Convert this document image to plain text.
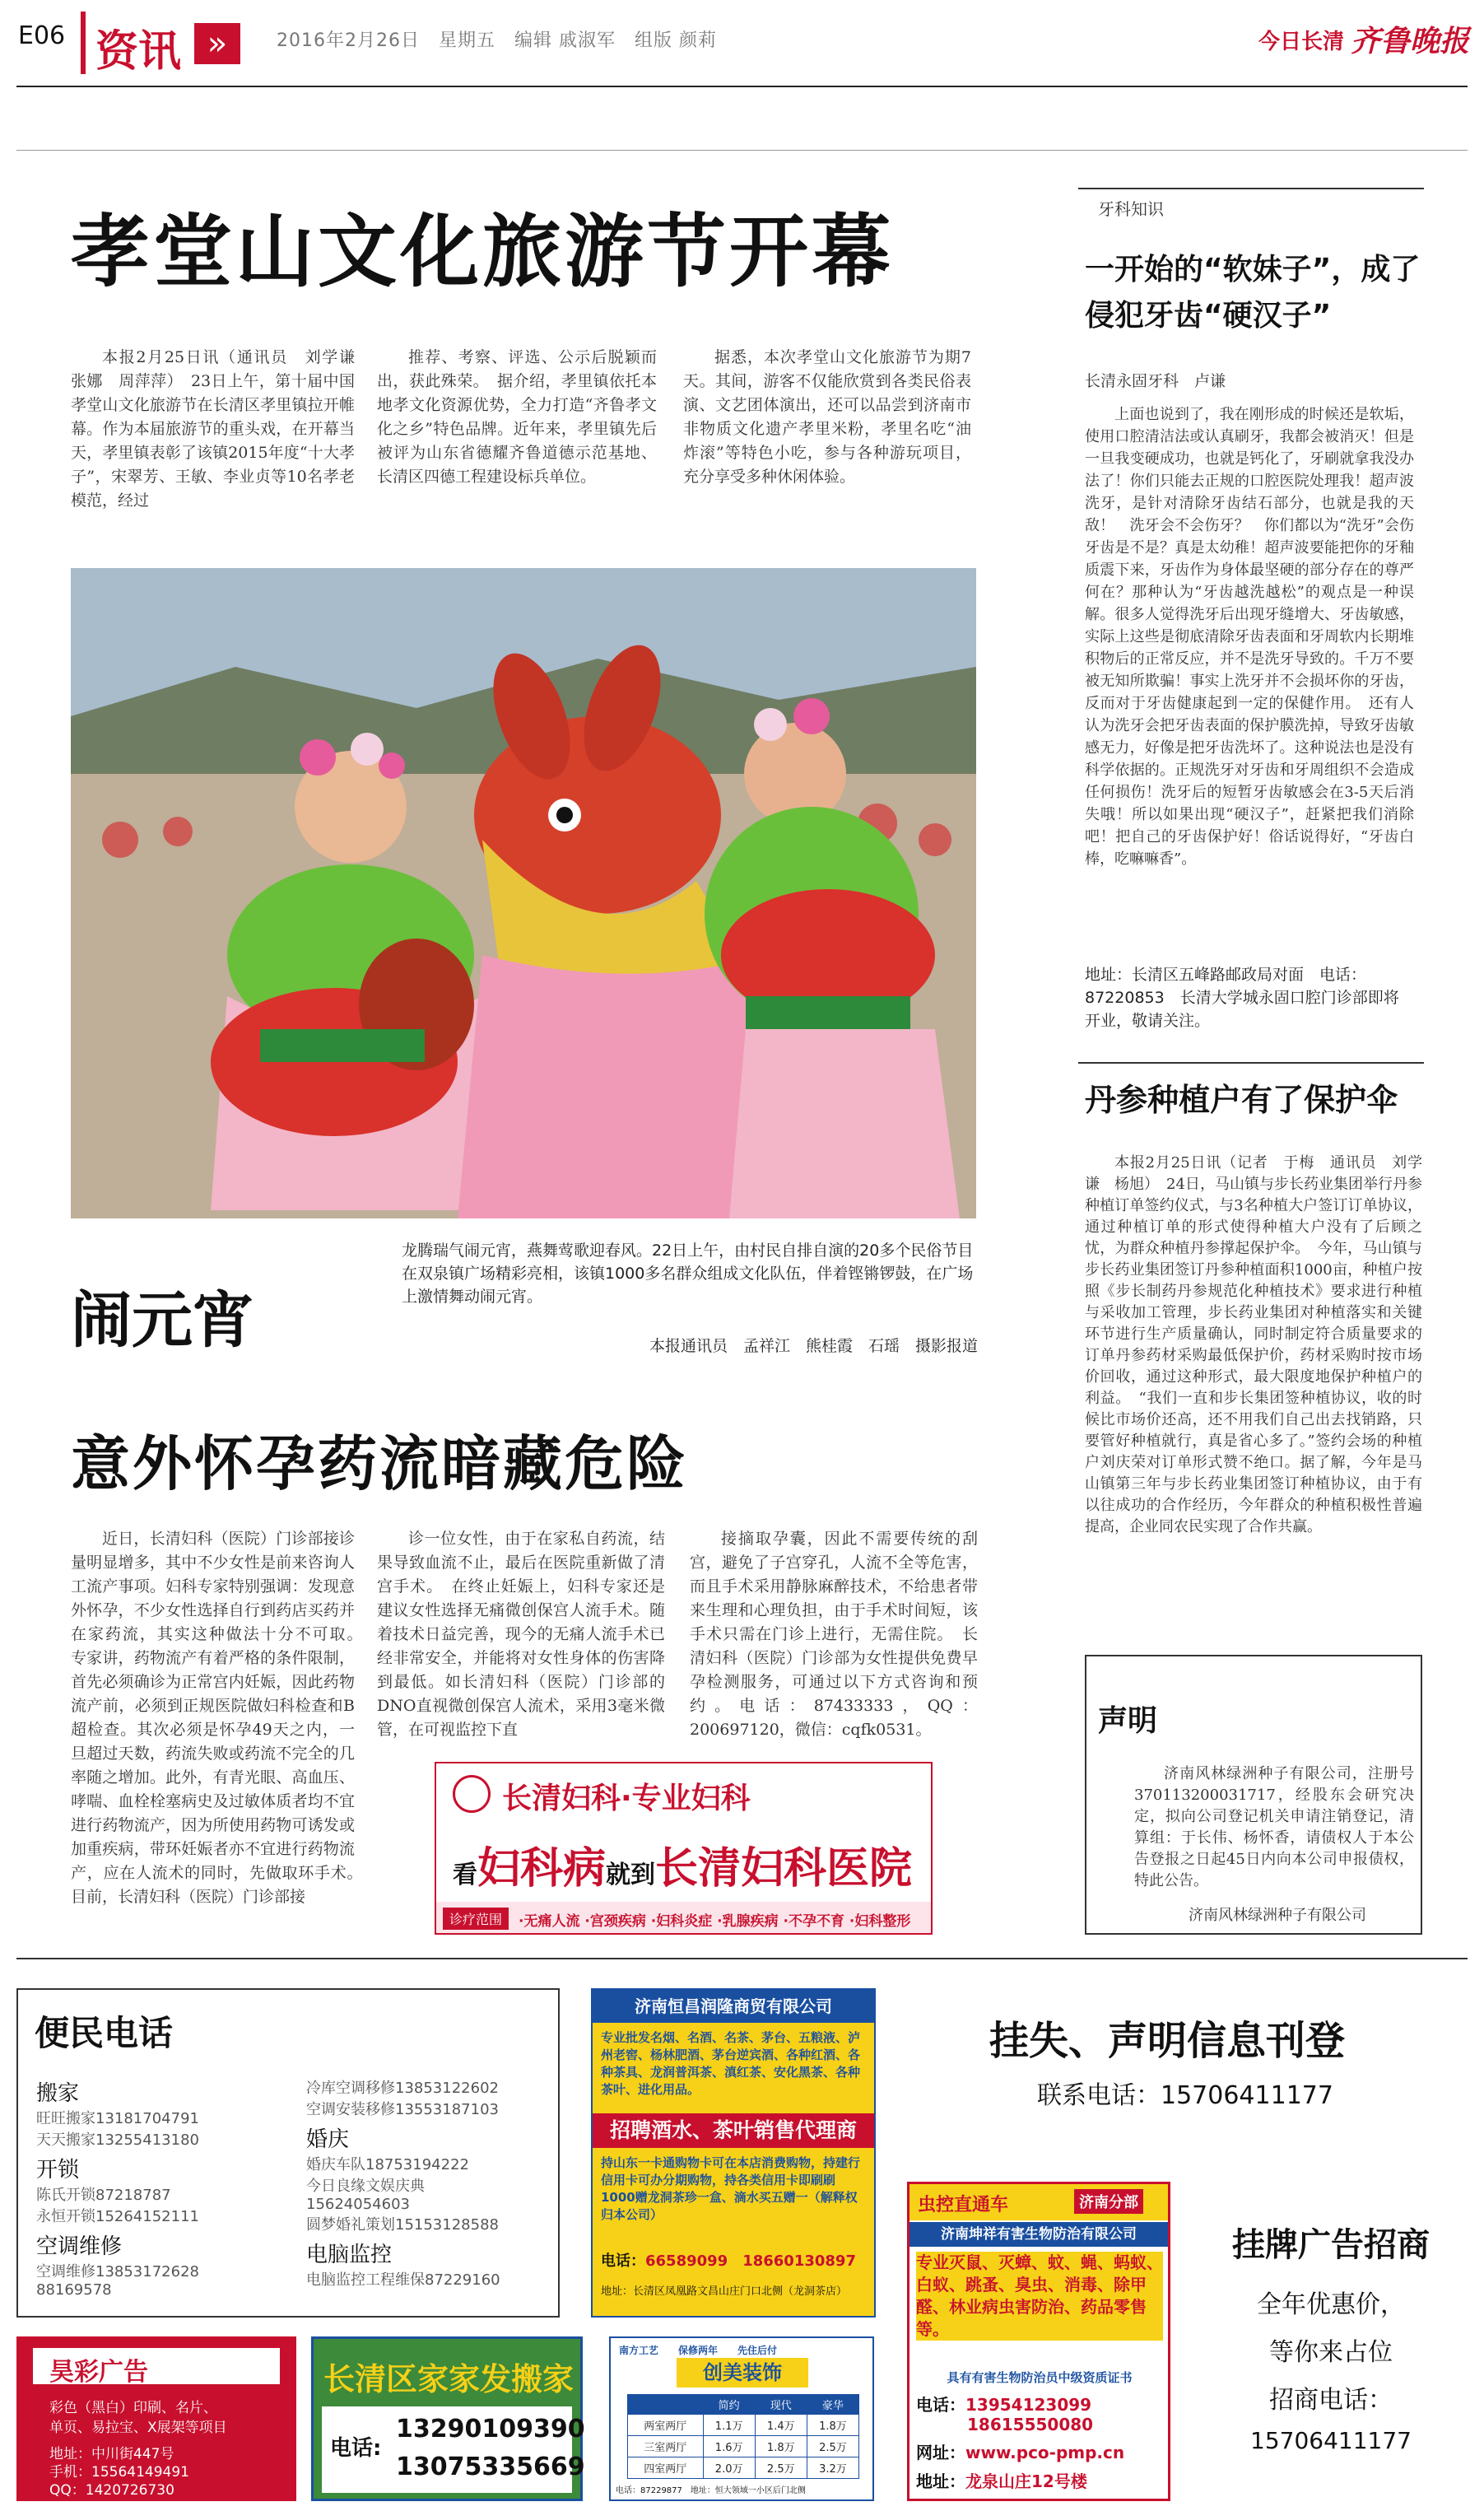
E06 资讯 »	2016年2月26日　星期五　编辑 戚淑军　组版 颜莉	今日长清 齐鲁晚报
孝堂山文化旅游节开幕

本报2月25日讯（通讯员　刘学谦　张娜　周萍萍）　23日上午，第十届中国孝堂山文化旅游节在长清区孝里镇拉开帷幕。作为本届旅游节的重头戏，在开幕当天，孝里镇表彰了该镇2015年度“十大孝子”，宋翠芳、王敏、李业贞等10名孝老模范，经过

推荐、考察、评选、公示后脱颖而出，获此殊荣。　据介绍，孝里镇依托本地孝文化资源优势，全力打造“齐鲁孝文化之乡”特色品牌。近年来，孝里镇先后被评为山东省德耀齐鲁道德示范基地、长清区四德工程建设标兵单位。

据悉，本次孝堂山文化旅游节为期7天。其间，游客不仅能欣赏到各类民俗表演、文艺团体演出，还可以品尝到济南市非物质文化遗产孝里米粉，孝里名吃“油炸滚”等特色小吃，参与各种游玩项目，充分享受多种休闲体验。

闹元宵
龙腾瑞气闹元宵，燕舞莺歌迎春风。22日上午，由村民自排自演的20多个民俗节目在双泉镇广场精彩亮相，该镇1000多名群众组成文化队伍，伴着铿锵锣鼓，在广场上激情舞动闹元宵。
本报通讯员　孟祥江　熊桂霞　石瑶　摄影报道
意外怀孕药流暗藏危险

近日，长清妇科（医院）门诊部接诊量明显增多，其中不少女性是前来咨询人工流产事项。妇科专家特别强调：发现意外怀孕，不少女性选择自行到药店买药并在家药流，其实这种做法十分不可取。　专家讲，药物流产有着严格的条件限制，首先必须确诊为正常宫内妊娠，因此药物流产前，必须到正规医院做妇科检查和B超检查。其次必须是怀孕49天之内，一旦超过天数，药流失败或药流不完全的几率随之增加。此外，有青光眼、高血压、哮喘、血栓栓塞病史及过敏体质者均不宜进行药物流产，因为所使用药物可诱发或加重疾病，带环妊娠者亦不宜进行药物流产，应在人流术的同时，先做取环手术。　目前，长清妇科（医院）门诊部接

诊一位女性，由于在家私自药流，结果导致血流不止，最后在医院重新做了清宫手术。　在终止妊娠上，妇科专家还是建议女性选择无痛微创保宫人流手术。随着技术日益完善，现今的无痛人流手术已经非常安全，并能将对女性身体的伤害降到最低。如长清妇科（医院）门诊部的DNO直视微创保宫人流术，采用3毫米微管，在可视监控下直

接摘取孕囊，因此不需要传统的刮宫，避免了子宫穿孔，人流不全等危害，而且手术采用静脉麻醉技术，不给患者带来生理和心理负担，由于手术时间短，该手术只需在门诊上进行，无需住院。　长清妇科（医院）门诊部为女性提供免费早孕检测服务，可通过以下方式咨询和预约。电话：87433333，QQ：200697120，微信：cqfk0531。

长清妇科·专业妇科
看妇科病就到长清妇科医院
诊疗范围	·无痛人流 ·宫颈疾病 ·妇科炎症 ·乳腺疾病 ·不孕不育 ·妇科整形
牙科知识
一开始的“软妹子”，成了侵犯牙齿“硬汉子”
长清永固牙科　卢谦

上面也说到了，我在刚形成的时候还是软垢，使用口腔清洁法或认真刷牙，我都会被消灭！但是一旦我变硬成功，也就是钙化了，牙刷就拿我没办法了！你们只能去正规的口腔医院处理我！超声波洗牙，是针对清除牙齿结石部分，也就是我的天敌！　洗牙会不会伤牙？　你们都以为“洗牙”会伤牙齿是不是？真是太幼稚！超声波要能把你的牙釉质震下来，牙齿作为身体最坚硬的部分存在的尊严何在？那种认为“牙齿越洗越松”的观点是一种误解。很多人觉得洗牙后出现牙缝增大、牙齿敏感，实际上这些是彻底清除牙齿表面和牙周软内长期堆积物后的正常反应，并不是洗牙导致的。千万不要被无知所欺骗！事实上洗牙并不会损坏你的牙齿，反而对于牙齿健康起到一定的保健作用。　还有人认为洗牙会把牙齿表面的保护膜洗掉，导致牙齿敏感无力，好像是把牙齿洗坏了。这种说法也是没有科学依据的。正规洗牙对牙齿和牙周组织不会造成任何损伤！洗牙后的短暂牙齿敏感会在3-5天后消失哦！所以如果出现“硬汉子”，赶紧把我们消除吧！把自己的牙齿保护好！俗话说得好，“牙齿白棒，吃嘛嘛香”。

地址：长清区五峰路邮政局对面　电话：87220853　长清大学城永固口腔门诊部即将开业，敬请关注。
丹参种植户有了保护伞

本报2月25日讯（记者　于梅　通讯员　刘学谦　杨旭）　24日，马山镇与步长药业集团举行丹参种植订单签约仪式，与3名种植大户签订订单协议，通过种植订单的形式使得种植大户没有了后顾之忧，为群众种植丹参撑起保护伞。　今年，马山镇与步长药业集团签订丹参种植面积1000亩，种植户按照《步长制药丹参规范化种植技术》要求进行种植与采收加工管理，步长药业集团对种植落实和关键环节进行生产质量确认，同时制定符合质量要求的订单丹参药材采购最低保护价，药材采购时按市场价回收，通过这种形式，最大限度地保护种植户的利益。　“我们一直和步长集团签种植协议，收的时候比市场价还高，还不用我们自己出去找销路，只要管好种植就行，真是省心多了。”签约会场的种植户刘庆荣对订单形式赞不绝口。据了解，今年是马山镇第三年与步长药业集团签订种植协议，由于有以往成功的合作经历，今年群众的种植积极性普遍提高，企业同农民实现了合作共赢。

声明

济南风林绿洲种子有限公司，注册号370113200031717，经股东会研究决定，拟向公司登记机关申请注销登记，清算组：于长伟、杨怀香，请债权人于本公告登报之日起45日内向本公司申报债权，特此公告。

济南风林绿洲种子有限公司
便民电话
搬家
旺旺搬家13181704791
天天搬家13255413180
开锁
陈氏开锁87218787
永恒开锁15264152111
空调维修
空调维修13853172628
88169578
冷库空调移修13853122602
空调安装移修13553187103
婚庆
婚庆车队18753194222
今日良缘文娱庆典
15624054603
圆梦婚礼策划15153128588
电脑监控
电脑监控工程维保87229160
济南恒昌润隆商贸有限公司
专业批发名烟、名酒、名茶、茅台、五粮液、泸州老窖、杨林肥酒、茅台逆宾酒、各种红酒、各种茶具、龙润普洱茶、滇红茶、安化黑茶、各种茶叶、进化用品。
招聘酒水、茶叶销售代理商
持山东一卡通购物卡可在本店消费购物，持建行信用卡可办分期购物，持各类信用卡即刷刷1000赠龙洞茶珍一盒、滴水买五赠一（解释权归本公司）
电话：66589099　 18660130897
地址：长清区凤凰路文昌山庄门口北侧（龙洞茶店）
挂失、声明信息刊登
联系电话：15706411177
虫控直通车	济南分部
济南坤祥有害生物防治有限公司
专业灭鼠、灭蟑、蚊、蝇、蚂蚁、白蚁、跳蚤、臭虫、消毒、除甲醛、林业病虫害防治、药品零售等。
具有有害生物防治员中级资质证书
电话：13954123099
18615550080
网址：www.pco-pmp.cn
地址：龙泉山庄12号楼
挂牌广告招商
全年优惠价，
等你来占位
招商电话：
15706411177
昊彩广告
彩色（黑白）印刷、名片、
单页、易拉宝、X展架等项目
地址：中川街447号
手机：15564149491
QQ：1420726730
长清区家家发搬家
电话:
13290109390
13075335669
南方工艺　　保修两年　　先住后付
创美装饰
	简约	现代	豪华
两室两厅	1.1万	1.4万	1.8万
三室两厅	1.6万	1.8万	2.5万
四室两厅	2.0万	2.5万	3.2万
电话：87229877　地址：恒大领域一小区后门北侧
